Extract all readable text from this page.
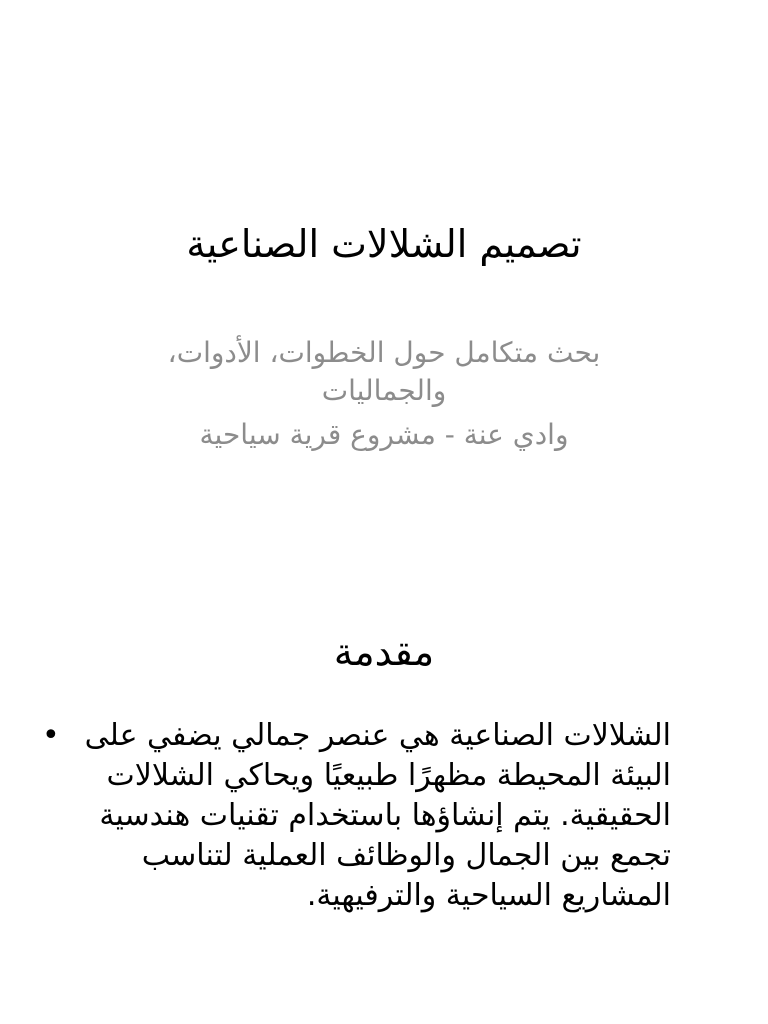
تصميم الشلالات الصناعية

بحث متكامل حول الخطوات، الأدوات، والجماليات

وادي عنة - مشروع قرية سياحية

مقدمة
• الشلالات الصناعية هي عنصر جمالي يضفي على البيئة المحيطة مظهرًا طبيعيًا ويحاكي الشلالات الحقيقية. يتم إنشاؤها باستخدام تقنيات هندسية تجمع بين الجمال والوظائف العملية لتناسب المشاريع السياحية والترفيهية.
